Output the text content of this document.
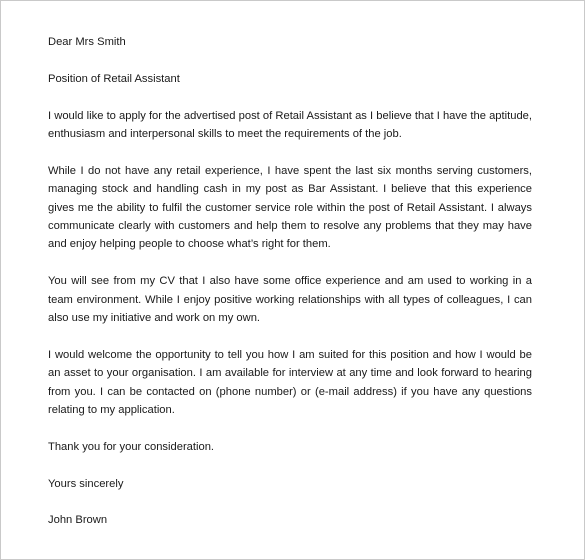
Dear Mrs Smith

Position of Retail Assistant

I would like to apply for the advertised post of Retail Assistant as I believe that I have the aptitude, enthusiasm and interpersonal skills to meet the requirements of the job.

While I do not have any retail experience, I have spent the last six months serving customers, managing stock and handling cash in my post as Bar Assistant. I believe that this experience gives me the ability to fulfil the customer service role within the post of Retail Assistant. I always communicate clearly with customers and help them to resolve any problems that they may have and enjoy helping people to choose what’s right for them.

You will see from my CV that I also have some office experience and am used to working in a team environment. While I enjoy positive working relationships with all types of colleagues, I can also use my initiative and work on my own.

I would welcome the opportunity to tell you how I am suited for this position and how I would be an asset to your organisation. I am available for interview at any time and look forward to hearing from you. I can be contacted on (phone number) or (e-mail address) if you have any questions relating to my application.

Thank you for your consideration.

Yours sincerely

John Brown
